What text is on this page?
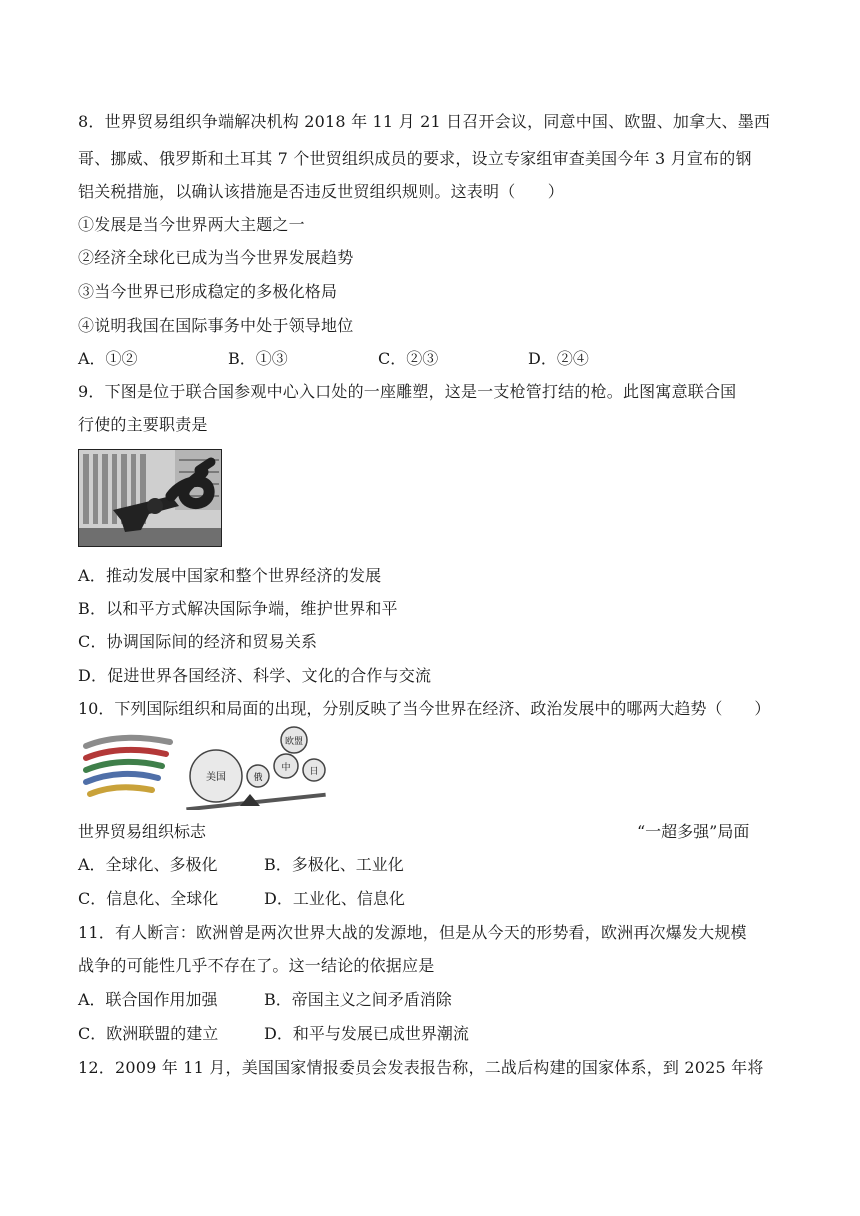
8．世界贸易组织争端解决机构 2018 年 11 月 21 日召开会议，同意中国、欧盟、加拿大、墨西
哥、挪威、俄罗斯和土耳其 7 个世贸组织成员的要求，设立专家组审查美国今年 3 月宣布的钢
铝关税措施，以确认该措施是否违反世贸组织规则。这表明（　　）
①发展是当今世界两大主题之一
②经济全球化已成为当今世界发展趋势
③当今世界已形成稳定的多极化格局
④说明我国在国际事务中处于领导地位
A．①②	B．①③	C．②③	D．②④
9．下图是位于联合国参观中心入口处的一座雕塑，这是一支枪管打结的枪。此图寓意联合国
行使的主要职责是
A．推动发展中国家和整个世界经济的发展
B．以和平方式解决国际争端，维护世界和平
C．协调国际间的经济和贸易关系
D．促进世界各国经济、科学、文化的合作与交流
10．下列国际组织和局面的出现，分别反映了当今世界在经济、政治发展中的哪两大趋势（　　）
美国	俄
中
欧盟
日
世界贸易组织标志	“一超多强”局面
A．全球化、多极化	B．多极化、工业化
C．信息化、全球化	D．工业化、信息化
11．有人断言：欧洲曾是两次世界大战的发源地，但是从今天的形势看，欧洲再次爆发大规模
战争的可能性几乎不存在了。这一结论的依据应是
A．联合国作用加强	B．帝国主义之间矛盾消除
C．欧洲联盟的建立	D．和平与发展已成世界潮流
12．2009 年 11 月，美国国家情报委员会发表报告称，二战后构建的国家体系，到 2025 年将
